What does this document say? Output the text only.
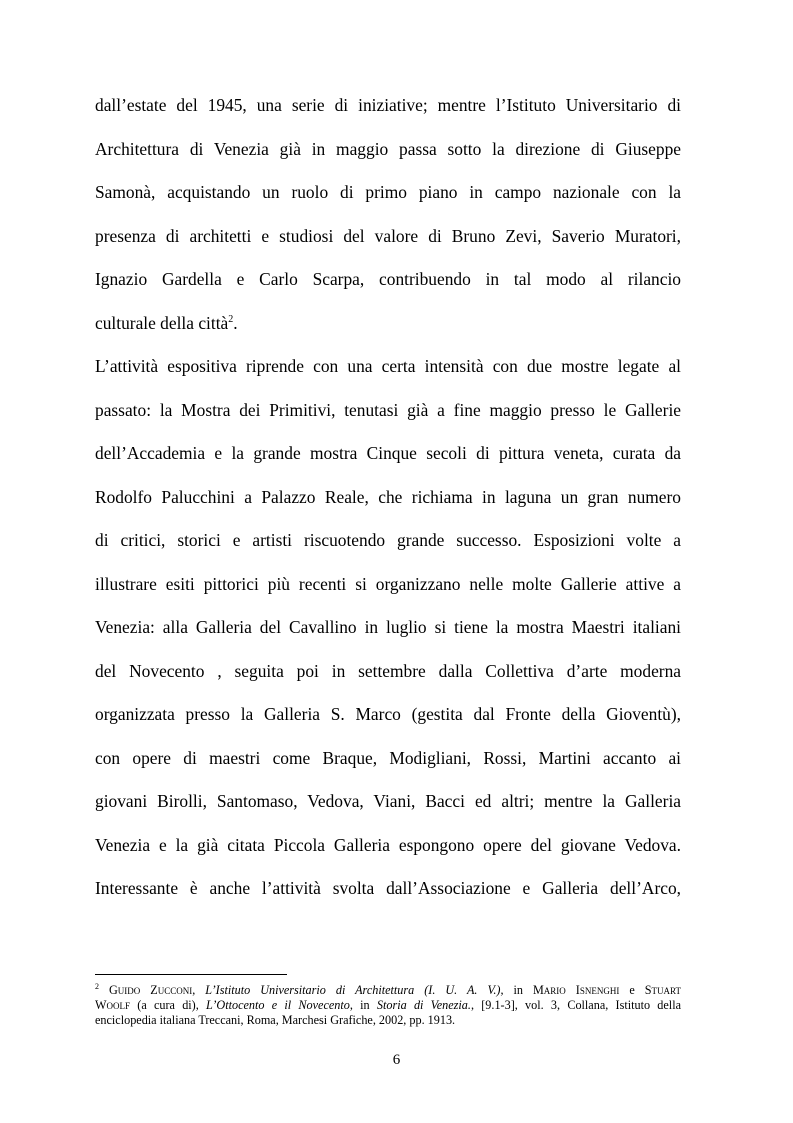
dall’estate del 1945, una serie di iniziative; mentre l’Istituto Universitario di
Architettura di Venezia già in maggio passa sotto la direzione di Giuseppe
Samonà, acquistando un ruolo di primo piano in campo nazionale con la
presenza di architetti e studiosi del valore di Bruno Zevi, Saverio Muratori,
Ignazio Gardella e Carlo Scarpa, contribuendo in tal modo al rilancio
culturale della città$^2$.
L’attività espositiva riprende con una certa intensità con due mostre legate al
passato: la Mostra dei Primitivi, tenutasi già a fine maggio presso le Gallerie
dell’Accademia e la grande mostra Cinque secoli di pittura veneta, curata da
Rodolfo Palucchini a Palazzo Reale, che richiama in laguna un gran numero
di critici, storici e artisti riscuotendo grande successo. Esposizioni volte a
illustrare esiti pittorici più recenti si organizzano nelle molte Gallerie attive a
Venezia: alla Galleria del Cavallino in luglio si tiene la mostra Maestri italiani
del Novecento , seguita poi in settembre dalla Collettiva d’arte moderna
organizzata presso la Galleria S. Marco (gestita dal Fronte della Gioventù),
con opere di maestri come Braque, Modigliani, Rossi, Martini accanto ai
giovani Birolli, Santomaso, Vedova, Viani, Bacci ed altri; mentre la Galleria
Venezia e la già citata Piccola Galleria espongono opere del giovane Vedova.
Interessante è anche l’attività svolta dall’Associazione e Galleria dell’Arco,
$^2$ Guido Zucconi, L’Istituto Universitario di Architettura (I. U. A. V.), in Mario Isnenghi e Stuart
Woolf (a cura di), L’Ottocento e il Novecento, in Storia di Venezia., [9.1-3], vol. 3, Collana, Istituto della
enciclopedia italiana Treccani, Roma, Marchesi Grafiche, 2002, pp. 1913.
6
